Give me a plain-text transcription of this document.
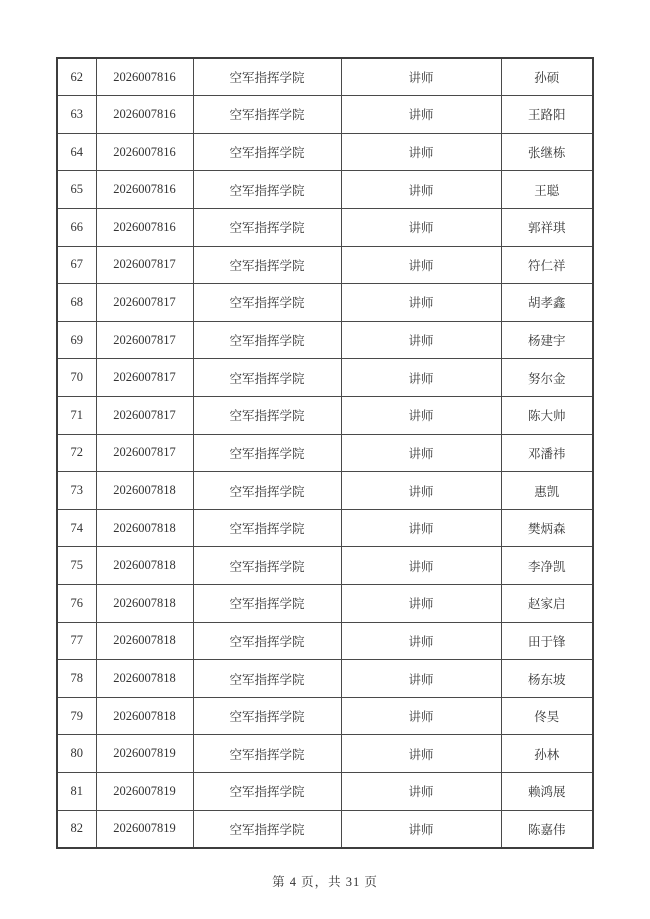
62	2026007816	空军指挥学院	讲师	孙硕
63	2026007816	空军指挥学院	讲师	王路阳
64	2026007816	空军指挥学院	讲师	张继栋
65	2026007816	空军指挥学院	讲师	王聪
66	2026007816	空军指挥学院	讲师	郭祥琪
67	2026007817	空军指挥学院	讲师	符仁祥
68	2026007817	空军指挥学院	讲师	胡孝鑫
69	2026007817	空军指挥学院	讲师	杨建宇
70	2026007817	空军指挥学院	讲师	努尔金
71	2026007817	空军指挥学院	讲师	陈大帅
72	2026007817	空军指挥学院	讲师	邓潘祎
73	2026007818	空军指挥学院	讲师	惠凯
74	2026007818	空军指挥学院	讲师	樊炳森
75	2026007818	空军指挥学院	讲师	李净凯
76	2026007818	空军指挥学院	讲师	赵家启
77	2026007818	空军指挥学院	讲师	田于锋
78	2026007818	空军指挥学院	讲师	杨东坡
79	2026007818	空军指挥学院	讲师	佟昊
80	2026007819	空军指挥学院	讲师	孙林
81	2026007819	空军指挥学院	讲师	赖鸿展
82	2026007819	空军指挥学院	讲师	陈嘉伟
第 4 页，共 31 页
